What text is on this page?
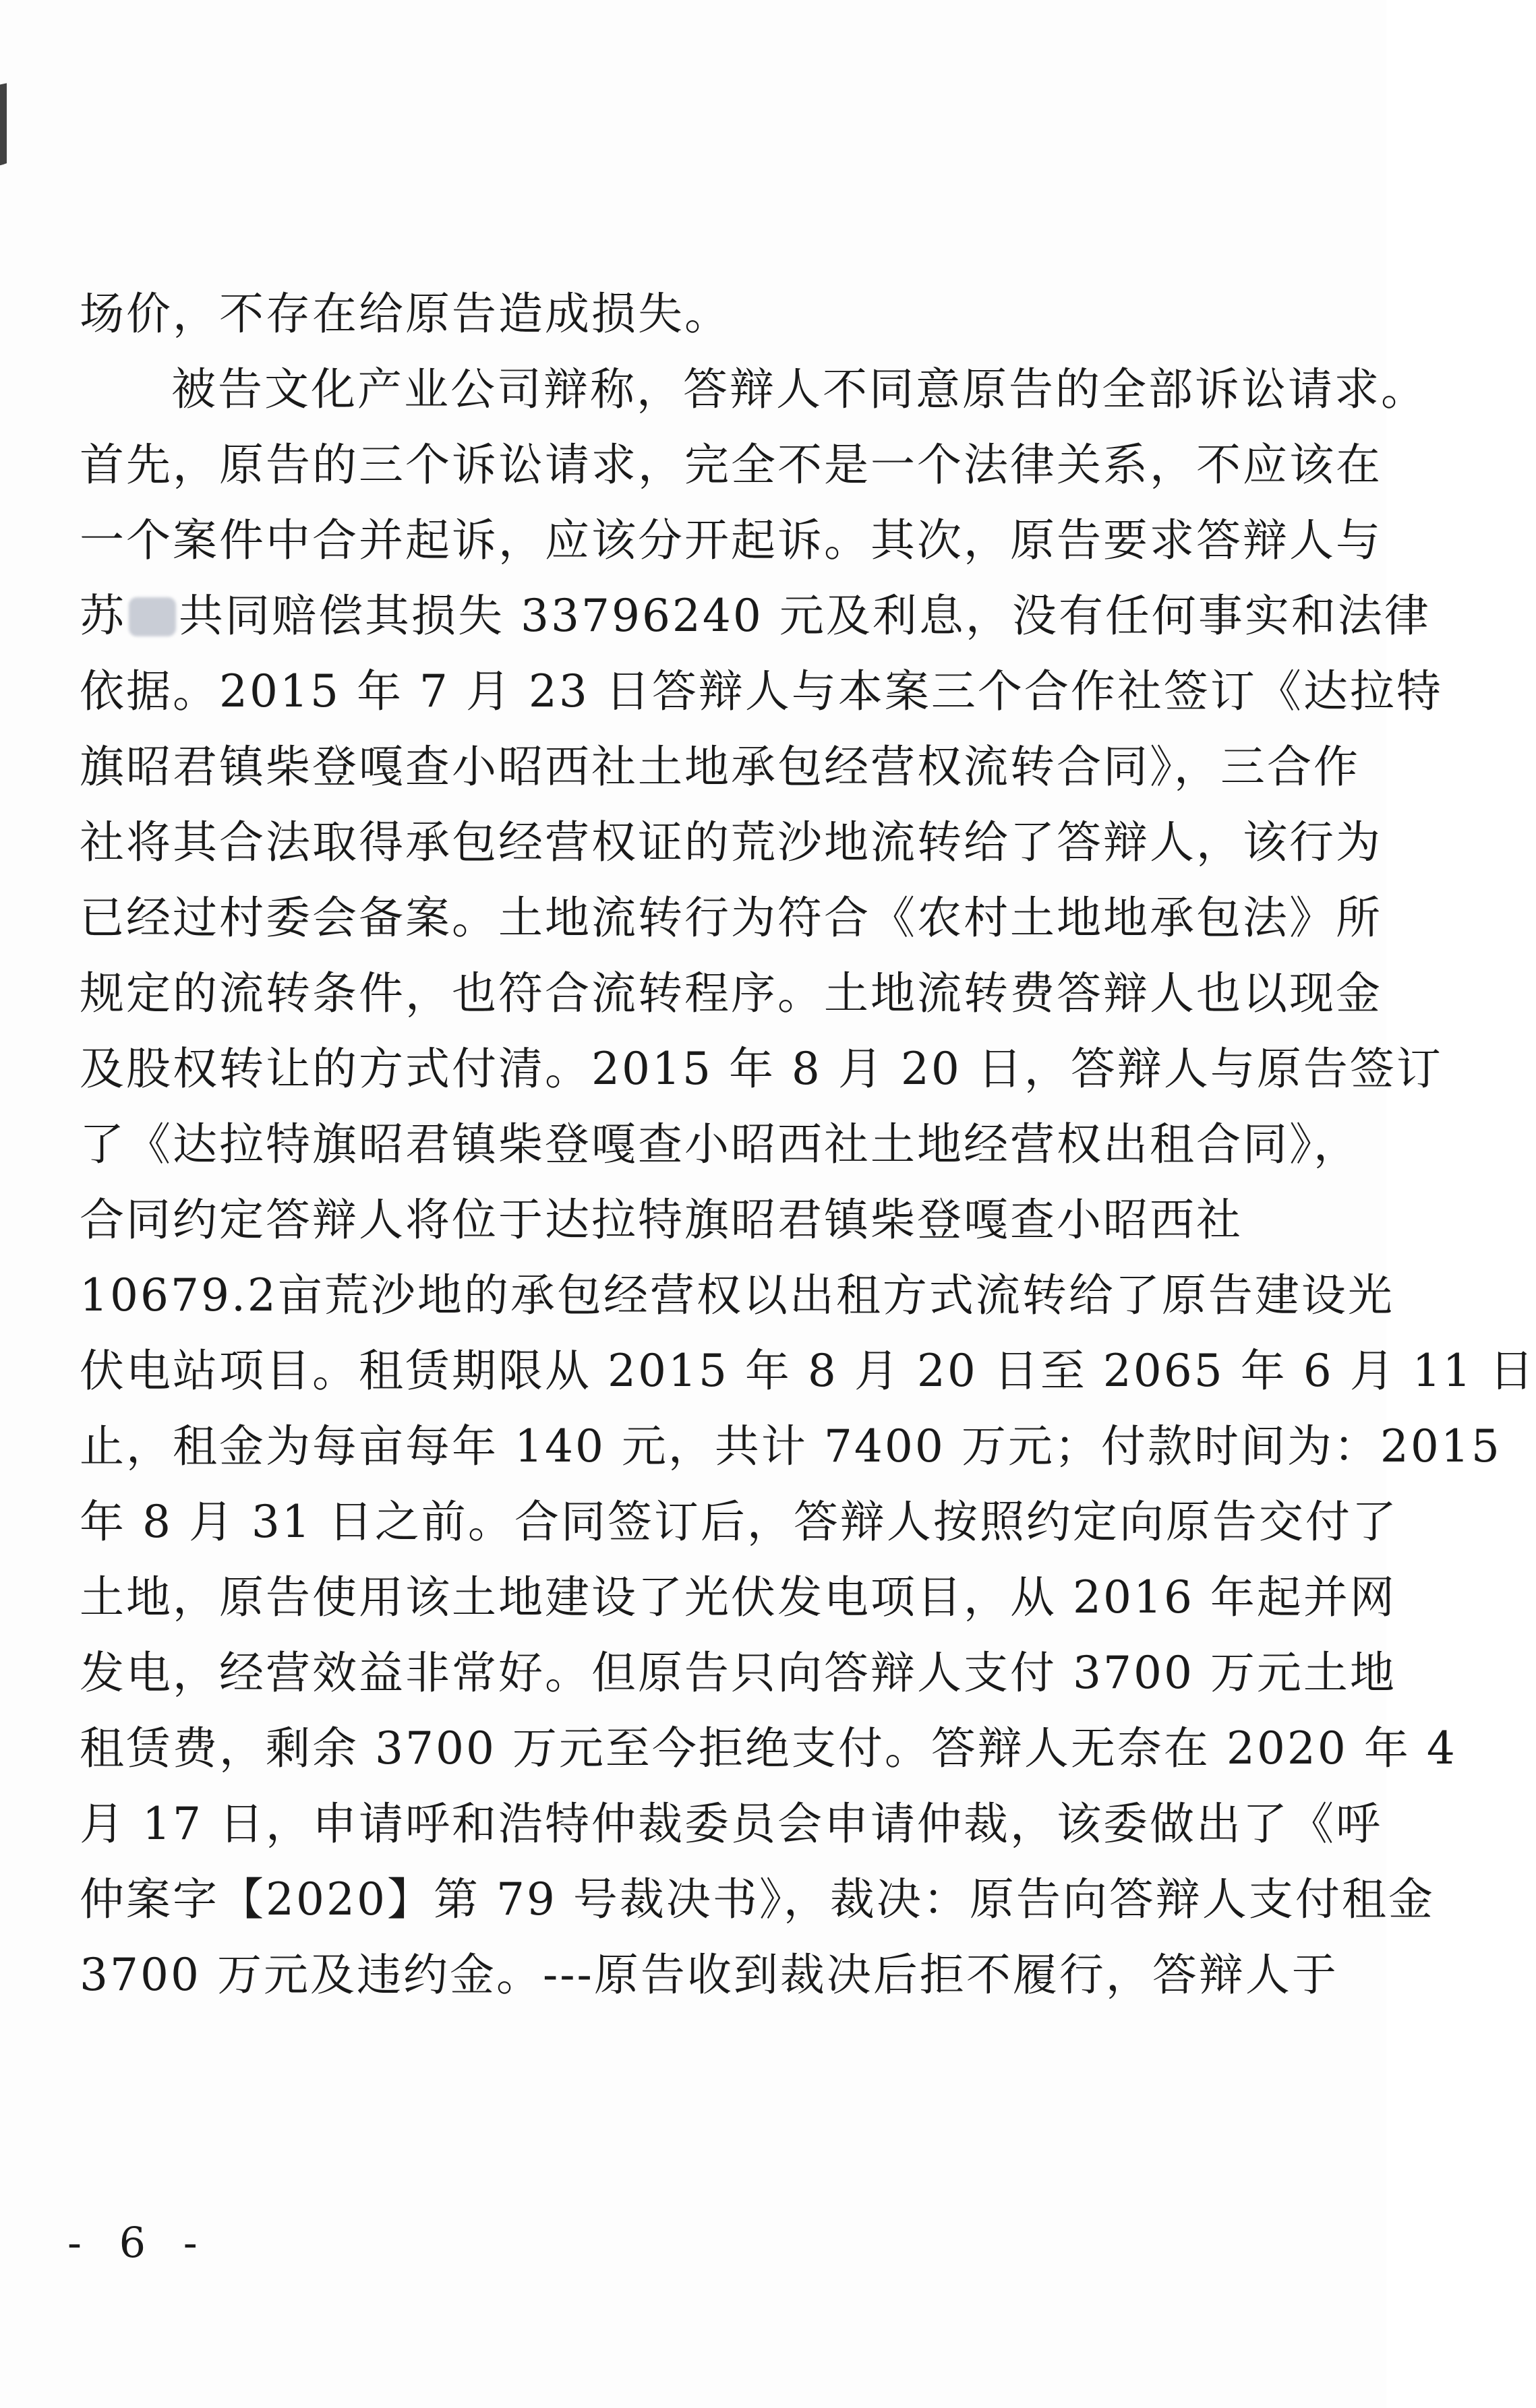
场价，不存在给原告造成损失。
被告文化产业公司辩称，答辩人不同意原告的全部诉讼请求。
首先，原告的三个诉讼请求，完全不是一个法律关系，不应该在
一个案件中合并起诉，应该分开起诉。其次，原告要求答辩人与
苏 共同赔偿其损失 33796240 元及利息，没有任何事实和法律
依据。2015 年 7 月 23 日答辩人与本案三个合作社签订《达拉特
旗昭君镇柴登嘎查小昭西社土地承包经营权流转合同》，三合作
社将其合法取得承包经营权证的荒沙地流转给了答辩人，该行为
已经过村委会备案。土地流转行为符合《农村土地地承包法》所
规定的流转条件，也符合流转程序。土地流转费答辩人也以现金
及股权转让的方式付清。2015 年 8 月 20 日，答辩人与原告签订
了《达拉特旗昭君镇柴登嘎查小昭西社土地经营权出租合同》，
合同约定答辩人将位于达拉特旗昭君镇柴登嘎查小昭西社
10679.2亩荒沙地的承包经营权以出租方式流转给了原告建设光
伏电站项目。租赁期限从 2015 年 8 月 20 日至 2065 年 6 月 11 日
止，租金为每亩每年 140 元，共计 7400 万元；付款时间为：2015
年 8 月 31 日之前。合同签订后，答辩人按照约定向原告交付了
土地，原告使用该土地建设了光伏发电项目，从 2016 年起并网
发电，经营效益非常好。但原告只向答辩人支付 3700 万元土地
租赁费，剩余 3700 万元至今拒绝支付。答辩人无奈在 2020 年 4
月 17 日，申请呼和浩特仲裁委员会申请仲裁，该委做出了《呼
仲案字【2020】第 79 号裁决书》，裁决：原告向答辩人支付租金
3700 万元及违约金。---原告收到裁决后拒不履行，答辩人于
- 6 -
